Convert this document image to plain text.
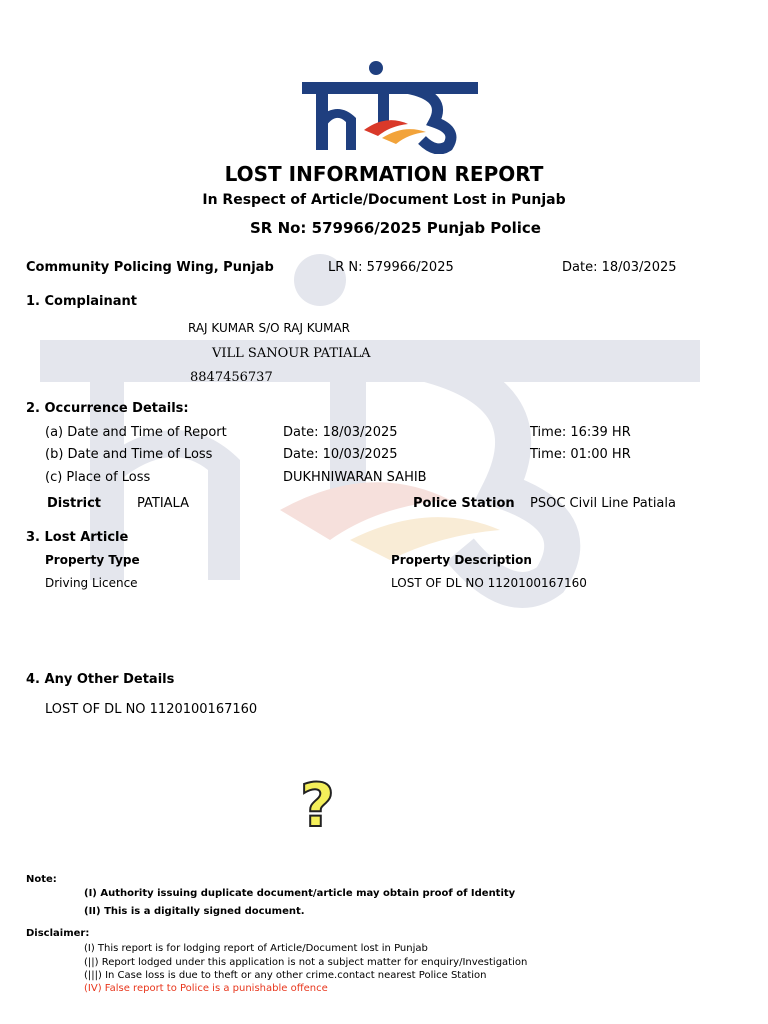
LOST INFORMATION REPORT
In Respect of Article/Document Lost in Punjab
SR No: 579966/2025 Punjab Police
Community Policing Wing, Punjab	LR N: 579966/2025	Date: 18/03/2025
1. Complainant
RAJ KUMAR S/O RAJ KUMAR
VILL SANOUR PATIALA
8847456737
2. Occurrence Details:
(a) Date and Time of Report	Date: 18/03/2025	Time: 16:39 HR
(b) Date and Time of Loss	Date: 10/03/2025	Time: 01:00 HR
(c) Place of Loss	DUKHNIWARAN SAHIB
District	PATIALA	Police Station PSOC Civil Line Patiala
3. Lost Article
Property Type	Property Description
Driving Licence	LOST OF DL NO 1120100167160
4. Any Other Details
LOST OF DL NO 1120100167160
?
Note:
(I) Authority issuing duplicate document/article may obtain proof of Identity
(II) This is a digitally signed document.
Disclaimer:
(I) This report is for lodging report of Article/Document lost in Punjab
(||) Report lodged under this application is not a subject matter for enquiry/Investigation
(|||) In Case loss is due to theft or any other crime.contact nearest Police Station
(IV) False report to Police is a punishable offence
